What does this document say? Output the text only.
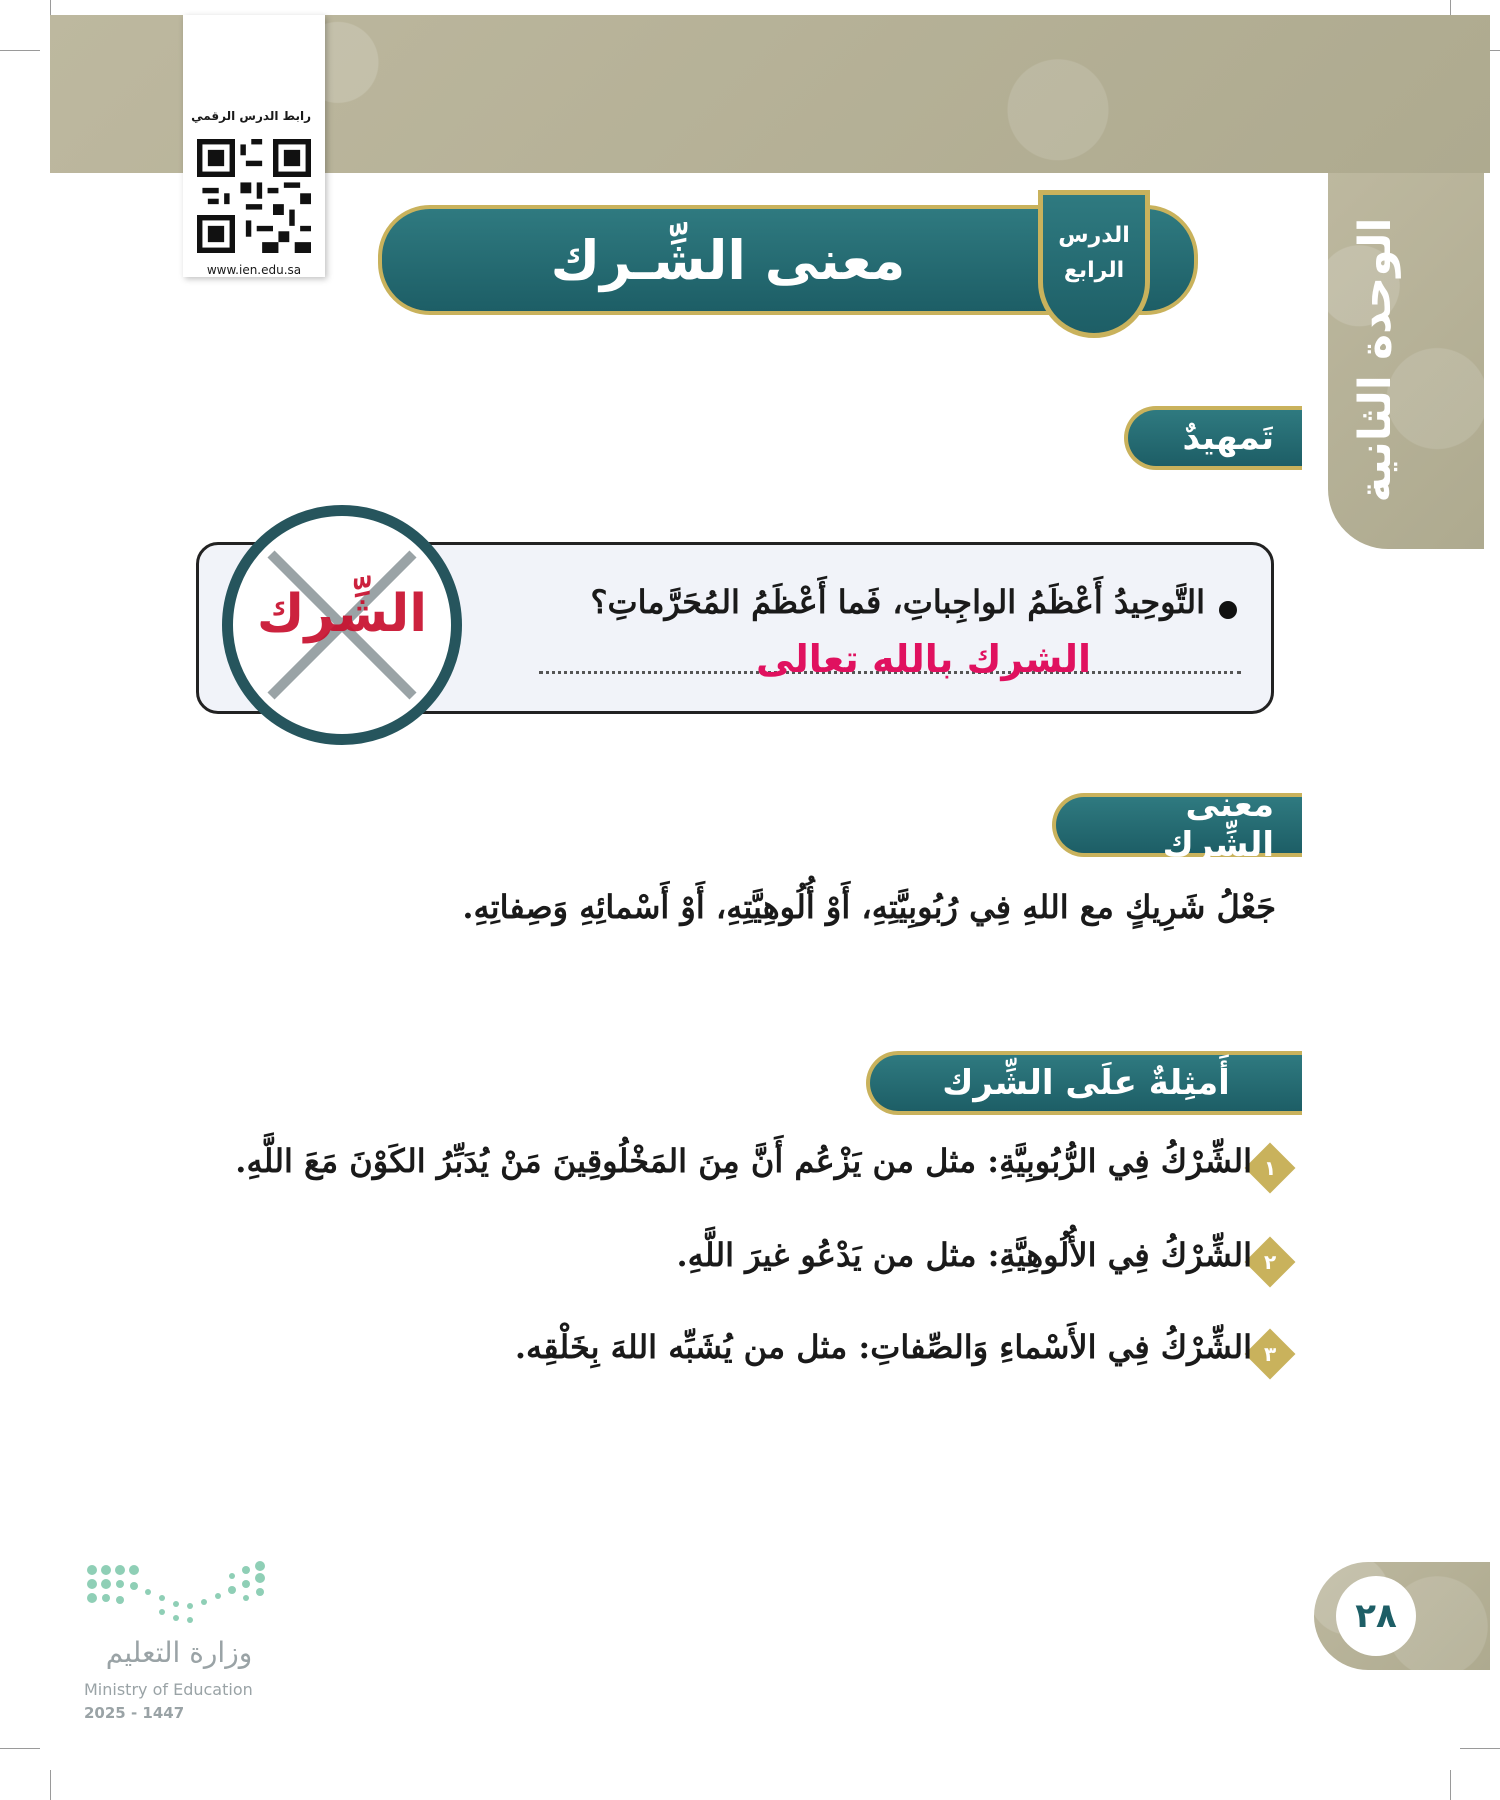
الوحدة الثانية
رابط الدرس الرقمي
www.ien.edu.sa	معنى الشِّـرك	الدرس
الرابع
تَمهيدٌ
التَّوحِيدُ أَعْظَمُ الواجِباتِ، فَما أَعْظَمُ المُحَرَّماتِ؟
الشرك بالله تعالى
الشِّرك
معنى الشِّركِ
جَعْلُ شَرِيكٍ مع اللهِ فِي رُبُوبِيَّتِهِ، أَوْ أُلُوهِيَّتِهِ، أَوْ أَسْمائِهِ وَصِفاتِهِ.
أَمثِلةٌ علَى الشِّرك
١
الشِّرْكُ فِي الرُّبُوبِيَّةِ: مثل من يَزْعُم أَنَّ مِنَ المَخْلُوقِينَ مَنْ يُدَبِّرُ الكَوْنَ مَعَ اللَّهِ.
٢
الشِّرْكُ فِي الأُلُوهِيَّةِ: مثل من يَدْعُو غيرَ اللَّهِ.
٣
الشِّرْكُ فِي الأَسْماءِ وَالصِّفاتِ: مثل من يُشَبِّه اللهَ بِخَلْقِه.
٢٨
وزارة التعليم
Ministry of Education
2025 - 1447
